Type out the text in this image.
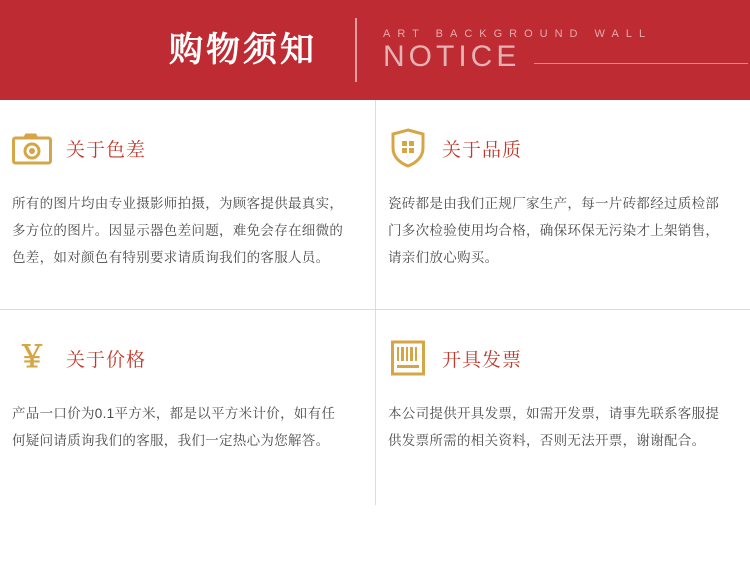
购物须知	ART BACKGROUND WALL
NOTICE
关于色差
所有的图片均由专业摄影师拍摄，为顾客提供最真实，多方位的图片。因显示器色差问题，难免会存在细微的色差，如对颜色有特别要求请质询我们的客服人员。
关于品质
瓷砖都是由我们正规厂家生产，每一片砖都经过质检部门多次检验使用均合格，确保环保无污染才上架销售，请亲们放心购买。
￥ 关于价格
产品一口价为0.1平方米，都是以平方米计价，如有任何疑问请质询我们的客服，我们一定热心为您解答。
开具发票
本公司提供开具发票，如需开发票，请事先联系客服提供发票所需的相关资料，否则无法开票，谢谢配合。
